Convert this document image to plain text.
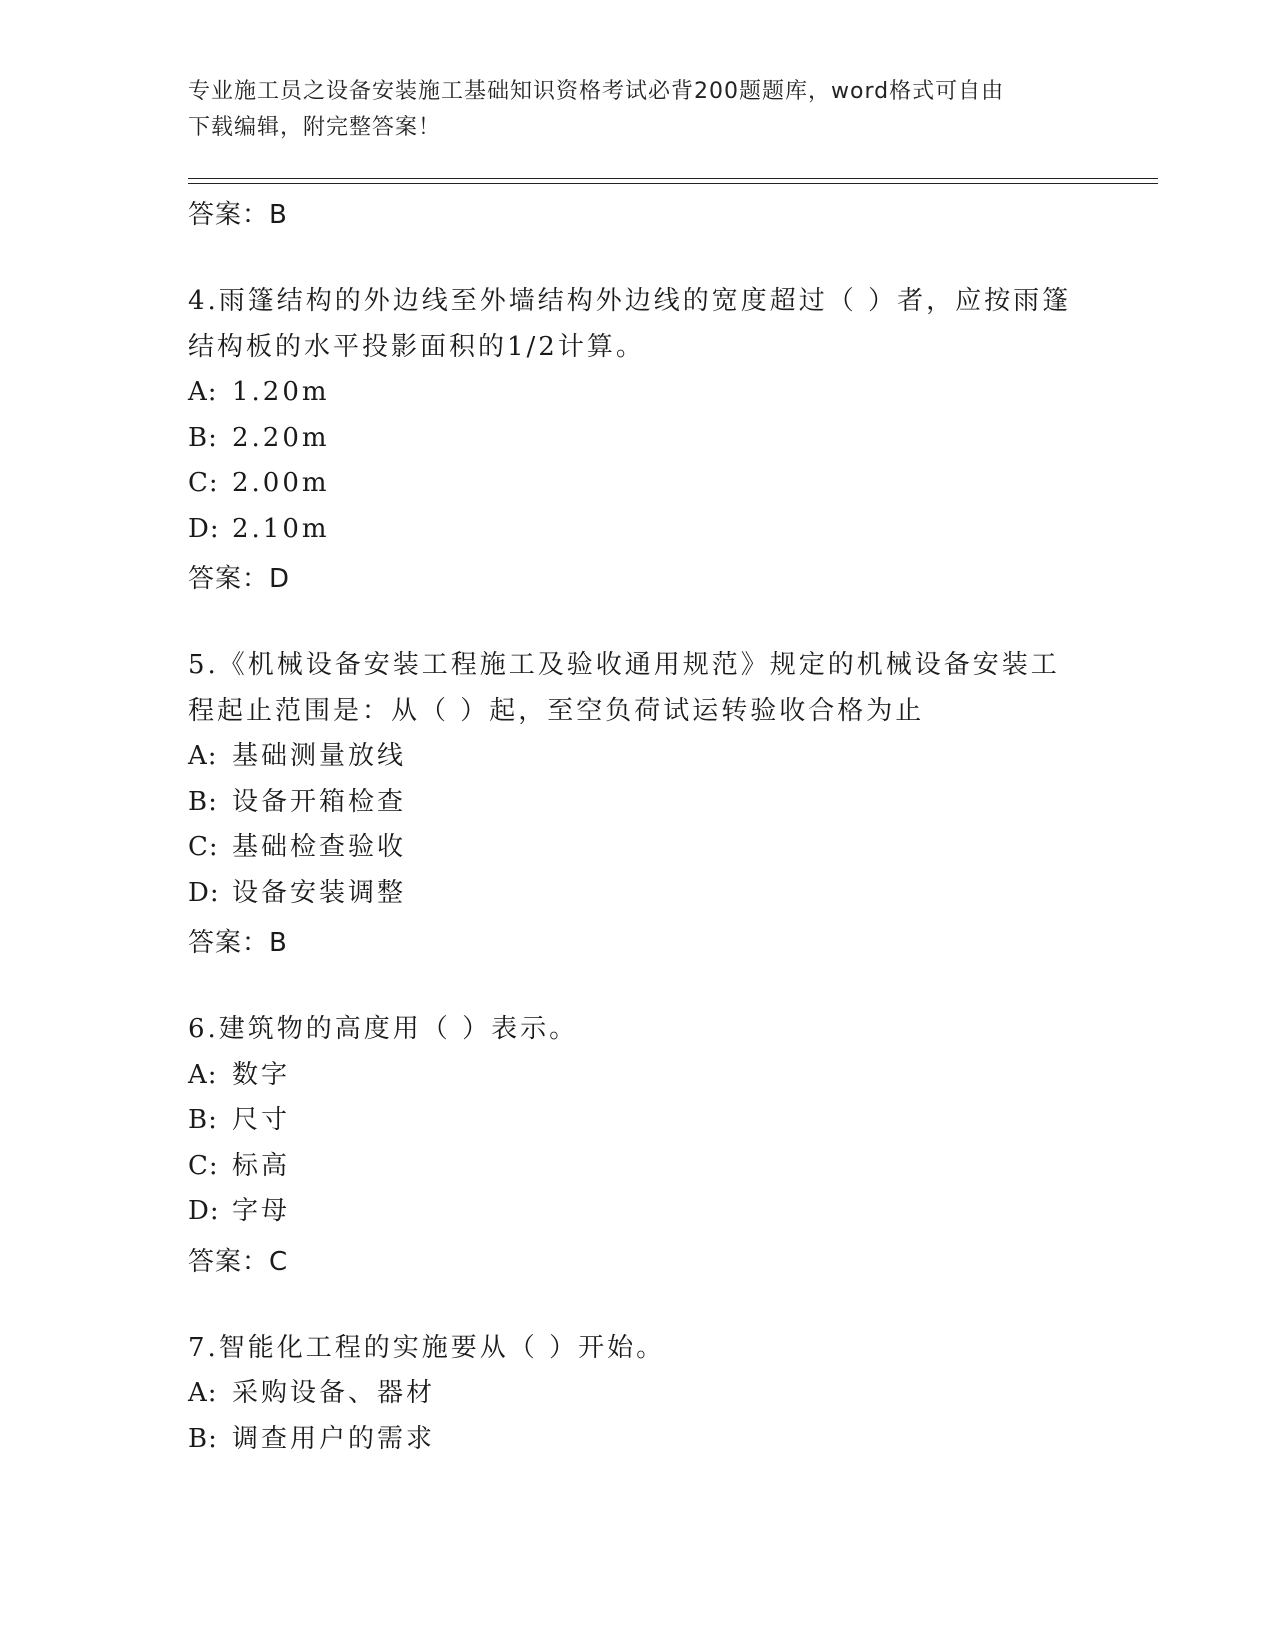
专业施工员之设备安装施工基础知识资格考试必背200题题库，word格式可自由
下载编辑，附完整答案！
答案：B
4.雨篷结构的外边线至外墙结构外边线的宽度超过（ ）者，应按雨篷
结构板的水平投影面积的1/2计算。
A: 1.20m
B: 2.20m
C: 2.00m
D: 2.10m
答案：D
5.《机械设备安装工程施工及验收通用规范》规定的机械设备安装工
程起止范围是：从（ ）起，至空负荷试运转验收合格为止
A: 基础测量放线
B: 设备开箱检查
C: 基础检查验收
D: 设备安装调整
答案：B
6.建筑物的高度用（ ）表示。
A: 数字
B: 尺寸
C: 标高
D: 字母
答案：C
7.智能化工程的实施要从（ ）开始。
A: 采购设备、器材
B: 调查用户的需求
